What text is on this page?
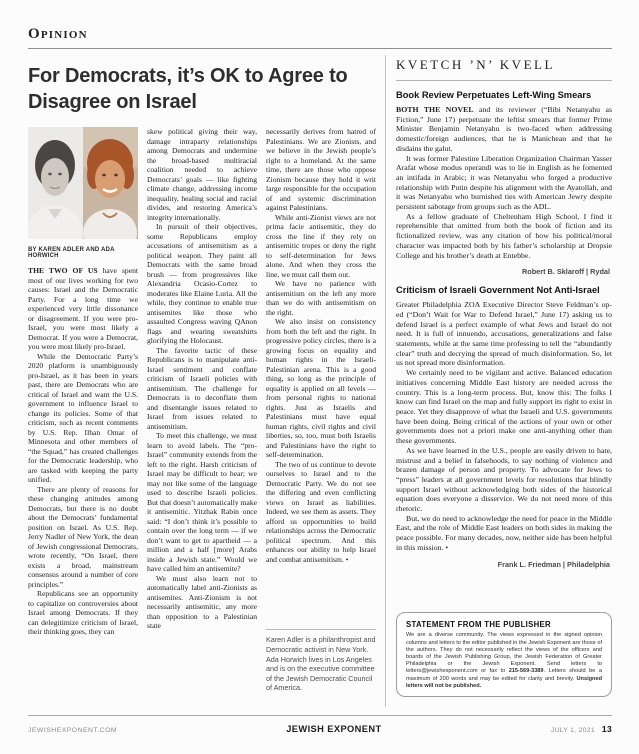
Opinion
For Democrats, it’s OK to Agree to Disagree on Israel
BY KAREN ADLER AND ADA HORWICH

THE TWO OF US have spent most of our lives working for two causes: Israel and the Democratic Party. For a long time we experienced very little dissonance or disagreement. If you were pro-Israel, you were most likely a Democrat. If you were a Democrat, you were most likely pro-Israel.

While the Democratic Party’s 2020 platform is unambiguously pro-Israel, as it has been in years past, there are Democrats who are critical of Israel and want the U.S. government to influence Israel to change its policies. Some of that criticism, such as recent comments by U.S. Rep. Ilhan Omar of Minnesota and other members of “the Squad,” has created challenges for the Democratic leadership, who are tasked with keeping the party unified.

There are plenty of reasons for these changing attitudes among Democrats, but there is no doubt about the Democrats’ fundamental position on Israel. As U.S. Rep. Jerry Nadler of New York, the dean of Jewish congressional Democrats, wrote recently, “On Israel, there exists a broad, mainstream consensus around a number of core principles.”

Republicans see an opportunity to capitalize on controversies about Israel among Democrats. If they can delegitimize criticism of Israel, their thinking goes, they can

skew political giving their way, damage intraparty relationships among Democrats and undermine the broad-based multiracial coalition needed to achieve Democrats’ goals — like fighting climate change, addressing income inequality, healing social and racial divides, and restoring America’s integrity internationally.

In pursuit of their objectives, some Republicans employ accusations of antisemitism as a political weapon. They paint all Democrats with the same broad brush — from progressives like Alexandria Ocasio-Cortez to moderates like Elaine Luria. All the while, they continue to enable true antisemites like those who assaulted Congress waving QAnon flags and wearing sweatshirts glorifying the Holocaust.

The favorite tactic of these Republicans is to manipulate anti-Israel sentiment and conflate criticism of Israeli policies with antisemitism. The challenge for Democrats is to deconflate them and disentangle issues related to Israel from issues related to antisemitism.

To meet this challenge, we must learn to avoid labels. The “pro-Israel” community extends from the left to the right. Harsh criticism of Israel may be difficult to hear; we may not like some of the language used to describe Israeli policies. But that doesn’t automatically make it antisemitic. Yitzhak Rabin once said: “I don’t think it’s possible to contain over the long term — if we don’t want to get to apartheid — a million and a half [more] Arabs inside a Jewish state.” Would we have called him an antisemite?

We must also learn not to automatically label anti-Zionists as antisemites. Anti-Zionism is not necessarily antisemitic, any more than opposition to a Palestinian state

necessarily derives from hatred of Palestinians. We are Zionists, and we believe in the Jewish people’s right to a homeland. At the same time, there are those who oppose Zionism because they hold it writ large responsible for the occupation of and systemic discrimination against Palestinians.

While anti-Zionist views are not prima facie antisemitic, they do cross the line if they rely on antisemitic tropes or deny the right to self-determination for Jews alone. And when they cross the line, we must call them out.

We have no patience with antisemitism on the left any more than we do with antisemitism on the right.

We also insist on consistency from both the left and the right. In progressive policy circles, there is a growing focus on equality and human rights in the Israeli-Palestinian arena. This is a good thing, so long as the principle of equality is applied on all levels — from personal rights to national rights. Just as Israelis and Palestinians must have equal human rights, civil rights and civil liberties, so, too, must both Israelis and Palestinians have the right to self-determination.

The two of us continue to devote ourselves to Israel and to the Democratic Party. We do not see the differing and even conflicting views on Israel as liabilities. Indeed, we see them as assets. They afford us opportunities to build relationships across the Democratic political spectrum. And this enhances our ability to help Israel and combat antisemitism. •

Karen Adler is a philanthropist and Democratic activist in New York. Ada Horwich lives in Los Angeles and is on the executive committee of the Jewish Democratic Council of America.
KVETCH ’N’ KVELL
Book Review Perpetuates Left-Wing Smears

BOTH THE NOVEL and its reviewer (“Bibi Netanyahu as Fiction,” June 17) perpetuate the leftist smears that former Prime Minister Benjamin Netanyahu is two-faced when addressing domestic/foreign audiences, that he is Manichean and that he disdains the galut.

It was former Palestine Liberation Organization Chairman Yasser Arafat whose modus operandi was to lie in English as he fomented an intifada in Arabic; it was Netanyahu who forged a productive relationship with Putin despite his alignment with the Ayatollah, and it was Netanyahu who burnished ties with American Jewry despite persistent sabotage from groups such as the ADL.

As a fellow graduate of Cheltenham High School, I find it reprehensible that omitted from both the book of fiction and its fictionalized review, was any citation of how his political/moral character was impacted both by his father’s scholarship at Dropsie College and his brother’s death at Entebbe.

Robert B. Sklaroff | Rydal
Criticism of Israeli Government Not Anti-Israel

Greater Philadelphia ZOA Executive Director Steve Feldman’s op-ed (“Don’t Wait for War to Defend Israel,” June 17) asking us to defend Israel is a perfect example of what Jews and Israel do not need. It is full of innuendo, accusations, generalizations and false statements, while at the same time professing to tell the “abundantly clear” truth and decrying the spread of much disinformation. So, let us not spread more disinformation.

We certainly need to be vigilant and active. Balanced education initiatives concerning Middle East history are needed across the country. This is a long-term process. But, know this: The folks I know can find Israel on the map and fully support its right to exist in peace. Yet they disapprove of what the Israeli and U.S. governments have been doing. Being critical of the actions of your own or other governments does not a priori make one anti-anything other than these governments.

As we have learned in the U.S., people are easily driven to hate, mistrust and a belief in falsehoods, to say nothing of violence and brazen damage of person and property. To advocate for Jews to “press” leaders at all government levels for resolutions that blindly support Israel without acknowledging both sides of the historical equation does everyone a disservice. We do not need more of this rhetoric.

But, we do need to acknowledge the need for peace in the Middle East, and the role of Middle East leaders on both sides in making the peace possible. For many decades, now, neither side has been helpful in this mission. •

Frank L. Friedman | Philadelphia
STATEMENT FROM THE PUBLISHER

We are a diverse community. The views expressed in the signed opinion columns and letters to the editor published in the Jewish Exponent are those of the authors. They do not necessarily reflect the views of the officers and boards of the Jewish Publishing Group, the Jewish Federation of Greater Philadelphia or the Jewish Exponent. Send letters to letters@jewishexponent.com or fax to 215-569-3389. Letters should be a maximum of 200 words and may be edited for clarity and brevity. Unsigned letters will not be published.

JEWISHEXPONENT.COM	JEWISH EXPONENT	JULY 1, 2021 13
